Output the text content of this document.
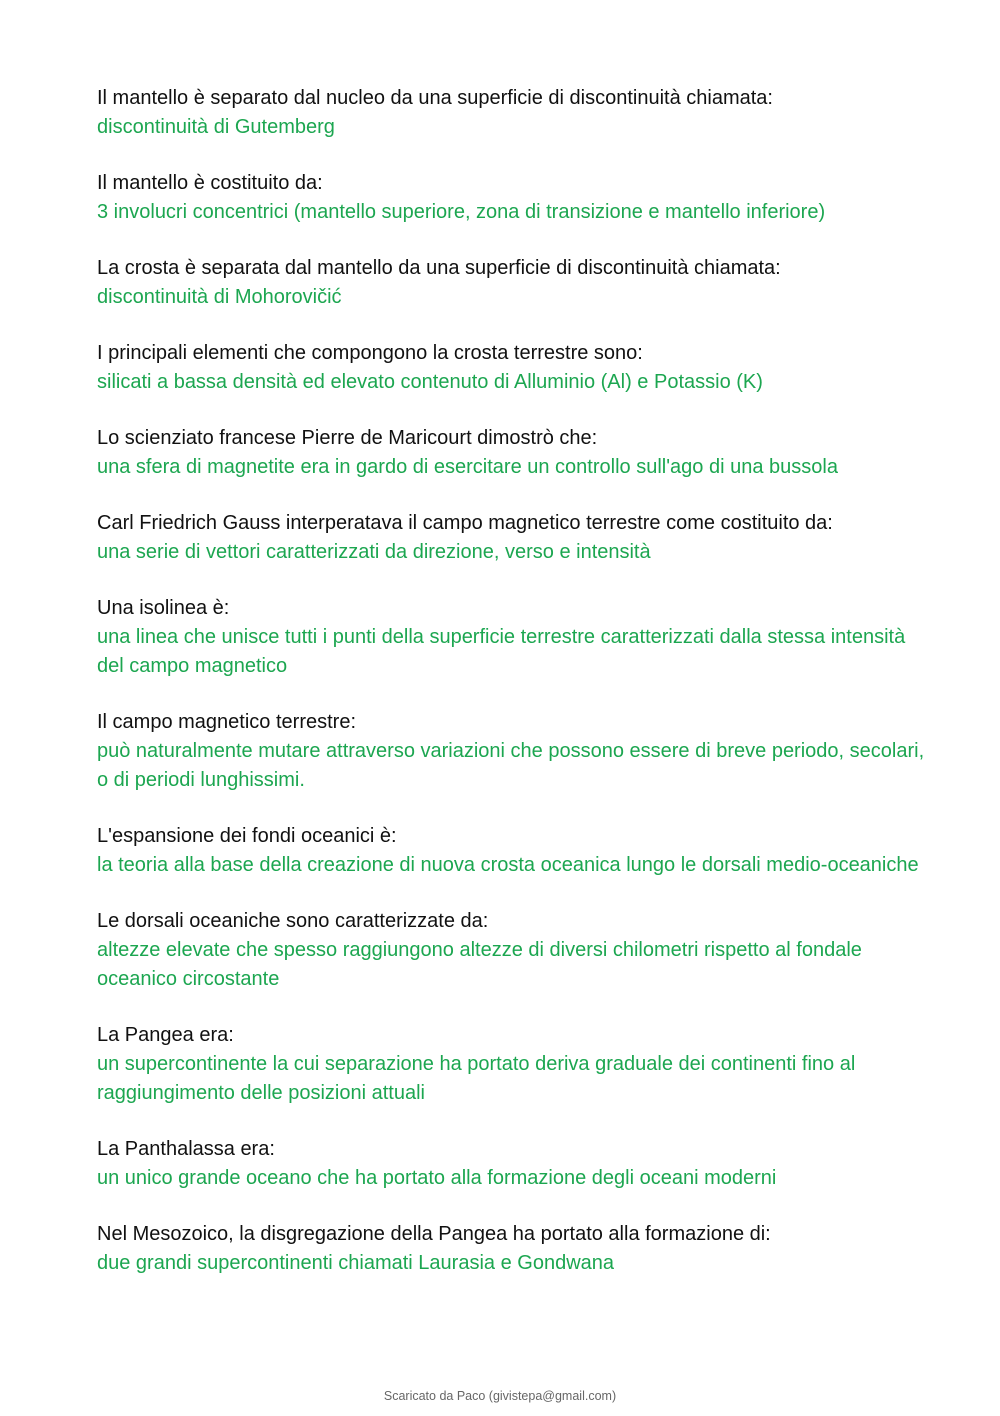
Il mantello è separato dal nucleo da una superficie di discontinuità chiamata:
discontinuità di Gutemberg
Il mantello è costituito da:
3 involucri concentrici (mantello superiore, zona di transizione e mantello inferiore)
La crosta è separata dal mantello da una superficie di discontinuità chiamata:
discontinuità di Mohorovičić
I principali elementi che compongono la crosta terrestre sono:
silicati a bassa densità ed elevato contenuto di Alluminio (Al) e Potassio (K)
Lo scienziato francese Pierre de Maricourt dimostrò che:
una sfera di magnetite era in gardo di esercitare un controllo sull'ago di una bussola
Carl Friedrich Gauss interperatava il campo magnetico terrestre come costituito da:
una serie di vettori caratterizzati da direzione, verso e intensità
Una isolinea è:
una linea che unisce tutti i punti della superficie terrestre caratterizzati dalla stessa intensità del campo magnetico
Il campo magnetico terrestre:
può naturalmente mutare attraverso variazioni che possono essere di breve periodo, secolari, o di periodi lunghissimi.
L'espansione dei fondi oceanici è:
la teoria alla base della creazione di nuova crosta oceanica lungo le dorsali medio-oceaniche
Le dorsali oceaniche sono caratterizzate da:
altezze elevate che spesso raggiungono altezze di diversi chilometri rispetto al fondale oceanico circostante
La Pangea era:
un supercontinente la cui separazione ha portato deriva graduale dei continenti fino al raggiungimento delle posizioni attuali
La Panthalassa era:
un unico grande oceano che ha portato alla formazione degli oceani moderni
Nel Mesozoico, la disgregazione della Pangea ha portato alla formazione di:
due grandi supercontinenti chiamati Laurasia e Gondwana
Scaricato da Paco (givistepa@gmail.com)
